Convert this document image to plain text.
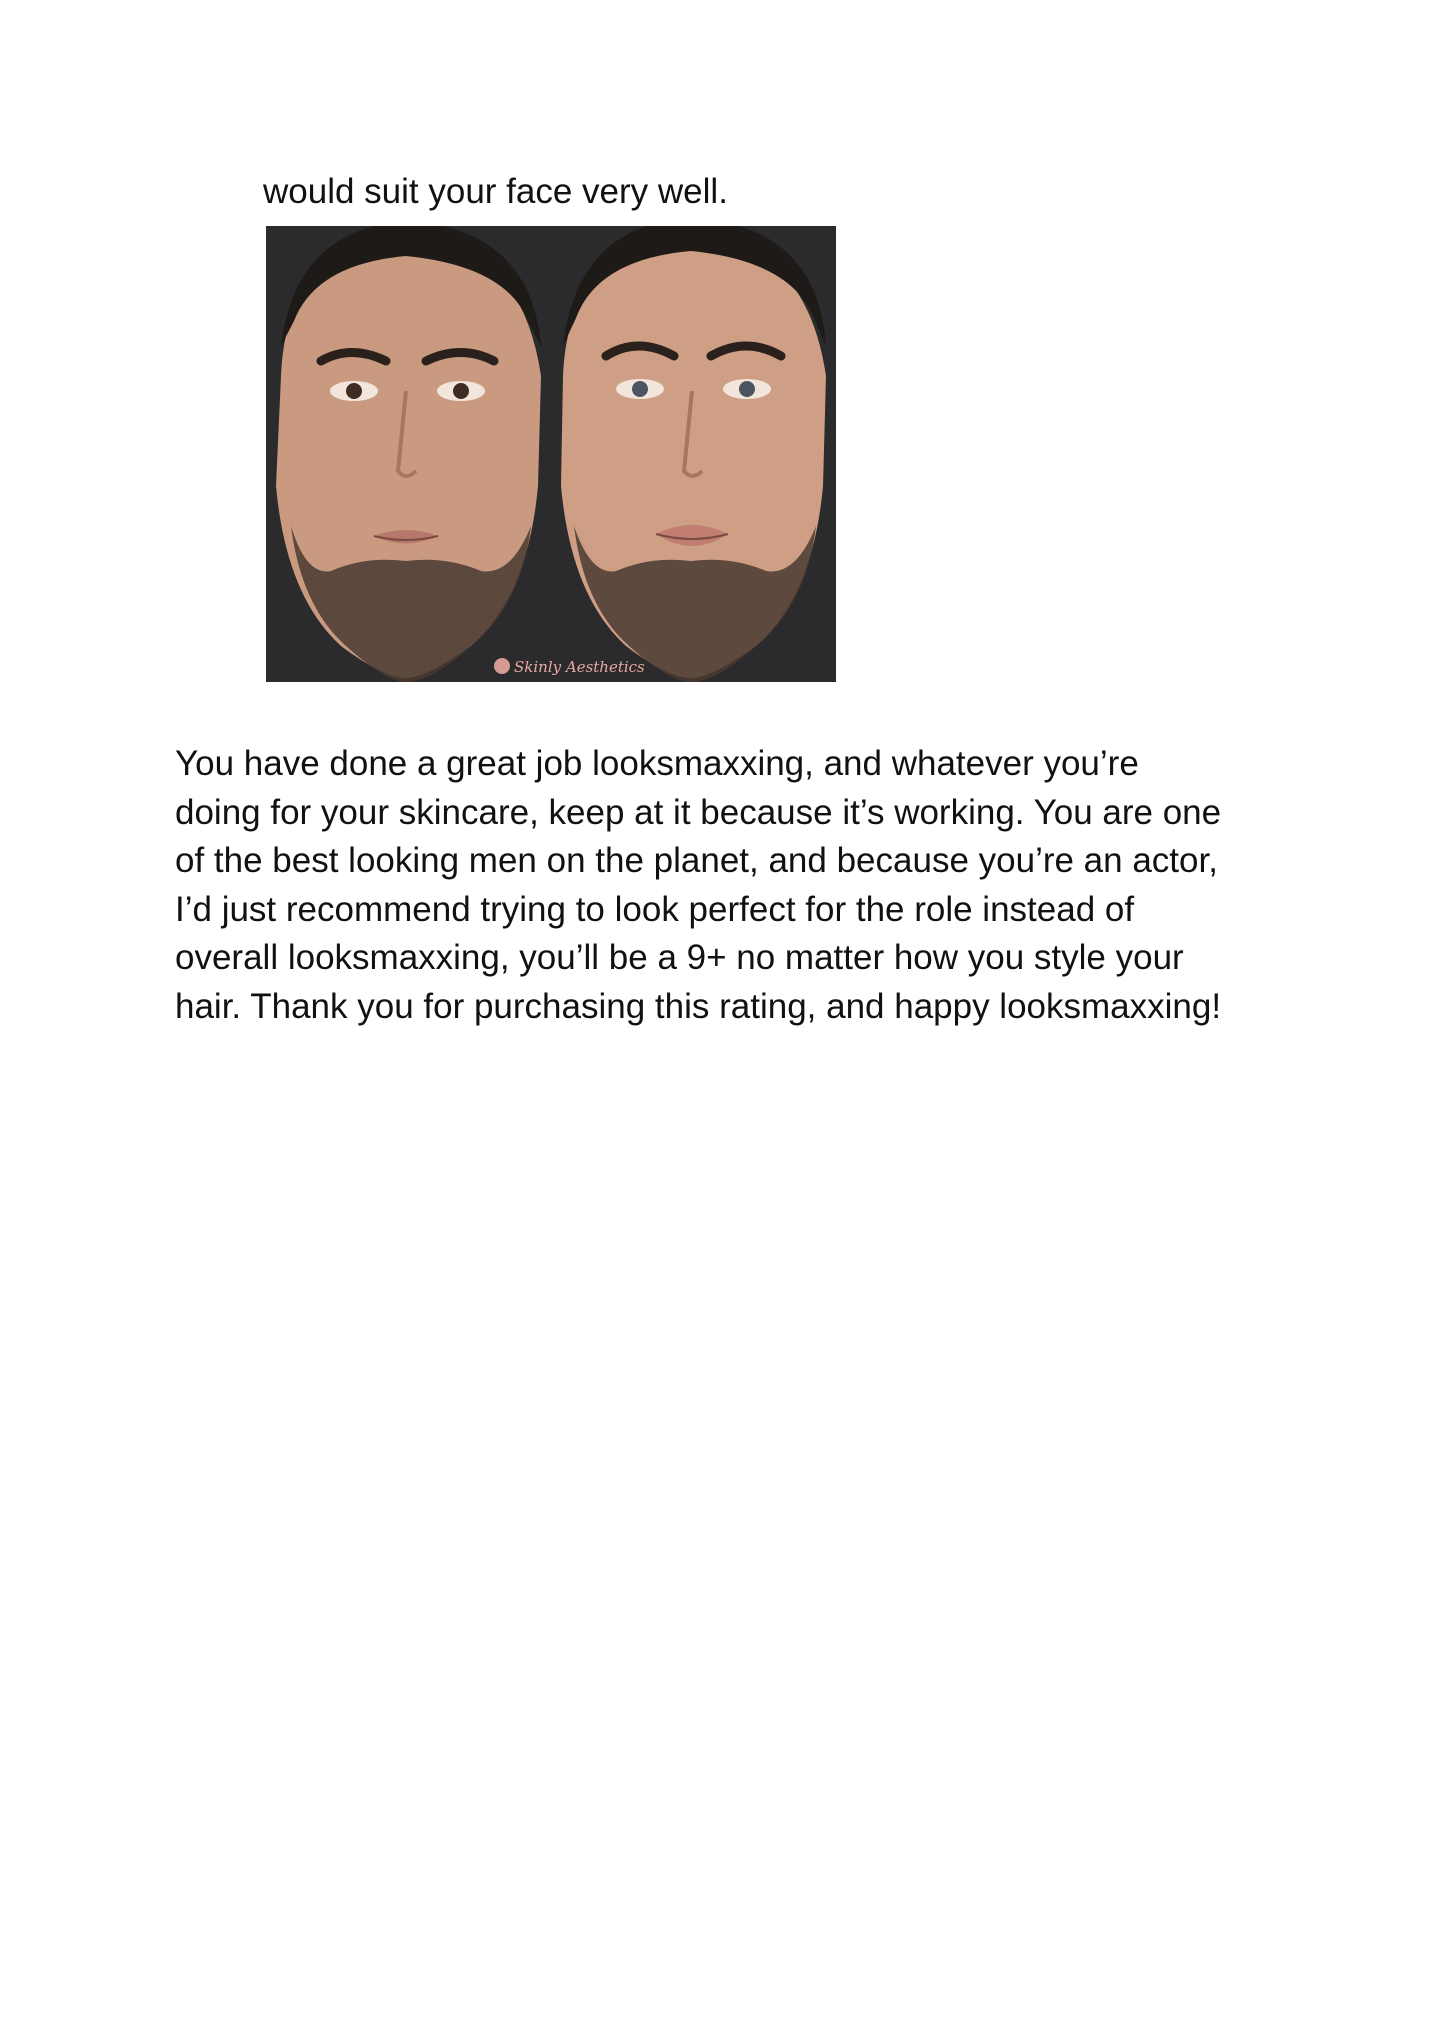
would suit your face very well.
Skinly Aesthetics
You have done a great job looksmaxxing, and whatever you’re
doing for your skincare, keep at it because it’s working. You are one
of the best looking men on the planet, and because you’re an actor,
I’d just recommend trying to look perfect for the role instead of
overall looksmaxxing, you’ll be a 9+ no matter how you style your
hair. Thank you for purchasing this rating, and happy looksmaxxing!
